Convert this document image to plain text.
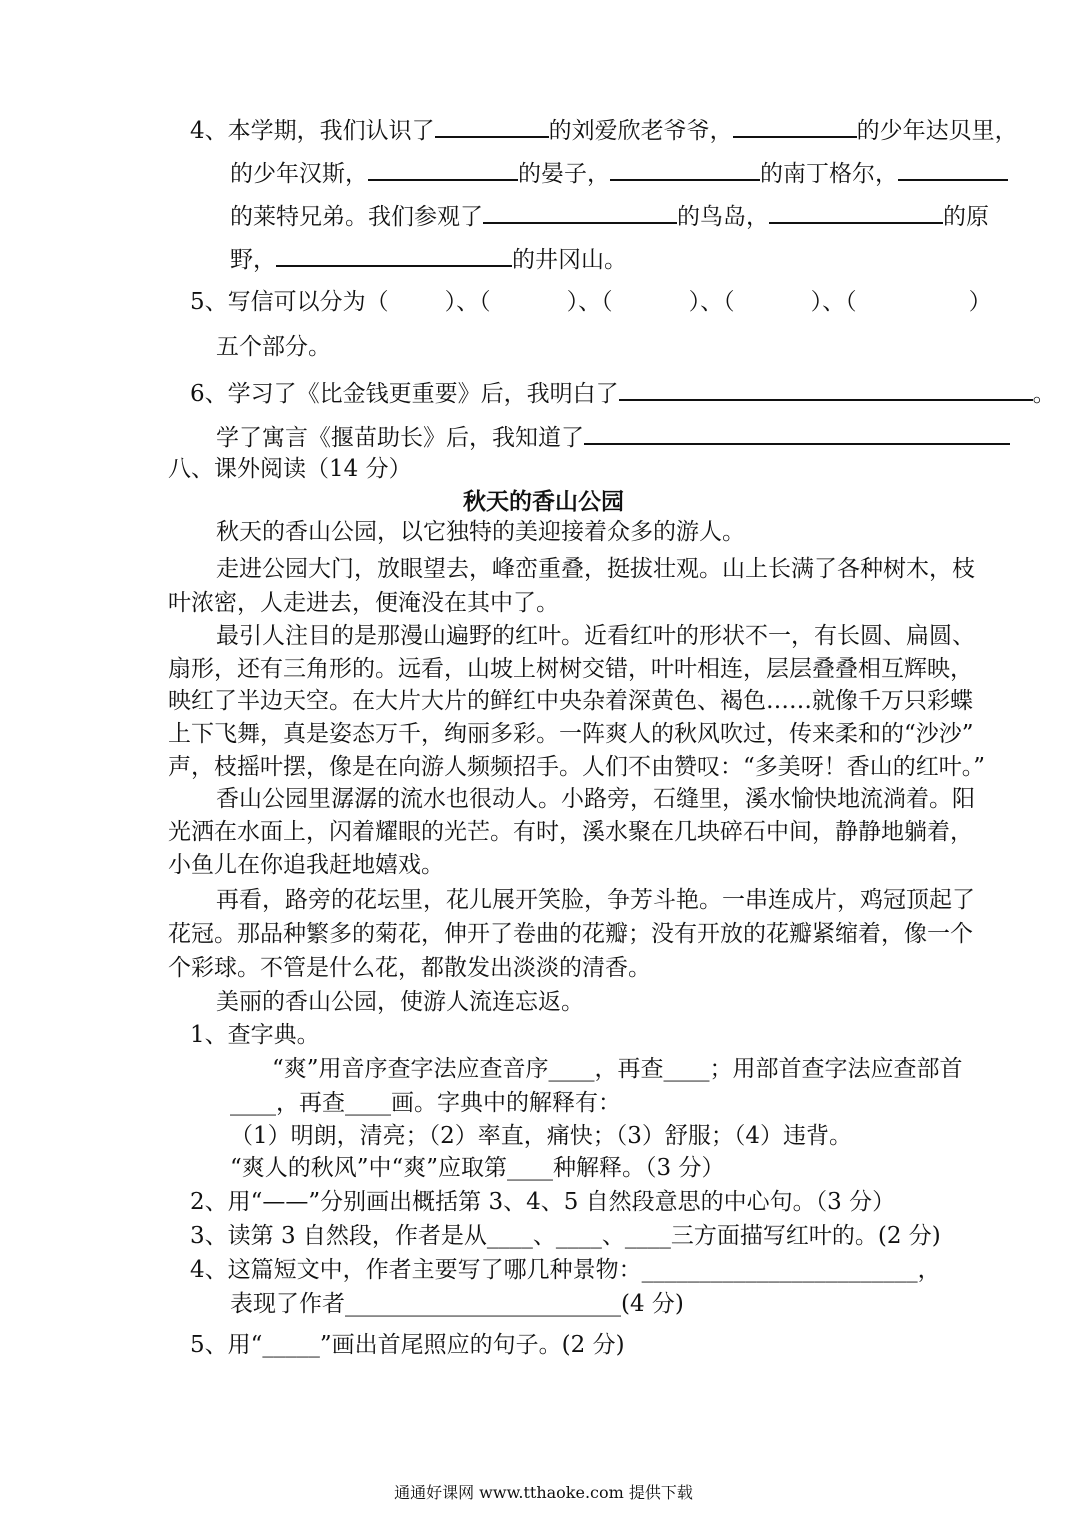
4、本学期，我们认识了	的刘爱欣老爷爷，	的少年达贝里，
的少年汉斯，	的晏子，	的南丁格尔，
的莱特兄弟。我们参观了	的鸟岛，	的原
野，	的井冈山。
5、写信可以分为（ ）、（	）、（	）、（	）、（	）
五个部分。
6、学习了《比金钱更重要》后，我明白了	。
学了寓言《揠苗助长》后，我知道了
八、课外阅读（14 分）
秋天的香山公园
秋天的香山公园，以它独特的美迎接着众多的游人。
走进公园大门，放眼望去，峰峦重叠，挺拔壮观。山上长满了各种树木，枝
叶浓密，人走进去，便淹没在其中了。
最引人注目的是那漫山遍野的红叶。近看红叶的形状不一，有长圆、扁圆、
扇形，还有三角形的。远看，山坡上树树交错，叶叶相连，层层叠叠相互辉映，
映红了半边天空。在大片大片的鲜红中央杂着深黄色、褐色……就像千万只彩蝶
上下飞舞，真是姿态万千，绚丽多彩。一阵爽人的秋风吹过，传来柔和的“沙沙”
声，枝摇叶摆，像是在向游人频频招手。人们不由赞叹：“多美呀！香山的红叶。”
香山公园里潺潺的流水也很动人。小路旁，石缝里，溪水愉快地流淌着。阳
光洒在水面上，闪着耀眼的光芒。有时，溪水聚在几块碎石中间，静静地躺着，
小鱼儿在你追我赶地嬉戏。
再看，路旁的花坛里，花儿展开笑脸，争芳斗艳。一串连成片，鸡冠顶起了
花冠。那品种繁多的菊花，伸开了卷曲的花瓣；没有开放的花瓣紧缩着，像一个
个彩球。不管是什么花，都散发出淡淡的清香。
美丽的香山公园，使游人流连忘返。
1、查字典。
“爽”用音序查字法应查音序____，再查____；用部首查字法应查部首
____，再查____画。字典中的解释有：
（1）明朗，清亮；（2）率直，痛快；（3）舒服；（4）违背。
“爽人的秋风”中“爽”应取第____种解释。（3 分）
2、用“——”分别画出概括第 3、4、5 自然段意思的中心句。（3 分）
3、读第 3 自然段，作者是从____、____、____三方面描写红叶的。(2 分)
4、这篇短文中，作者主要写了哪几种景物：________________________，
表现了作者________________________(4 分)
5、用“_____”画出首尾照应的句子。(2 分)
通通好课网 www.tthaoke.com 提供下载
